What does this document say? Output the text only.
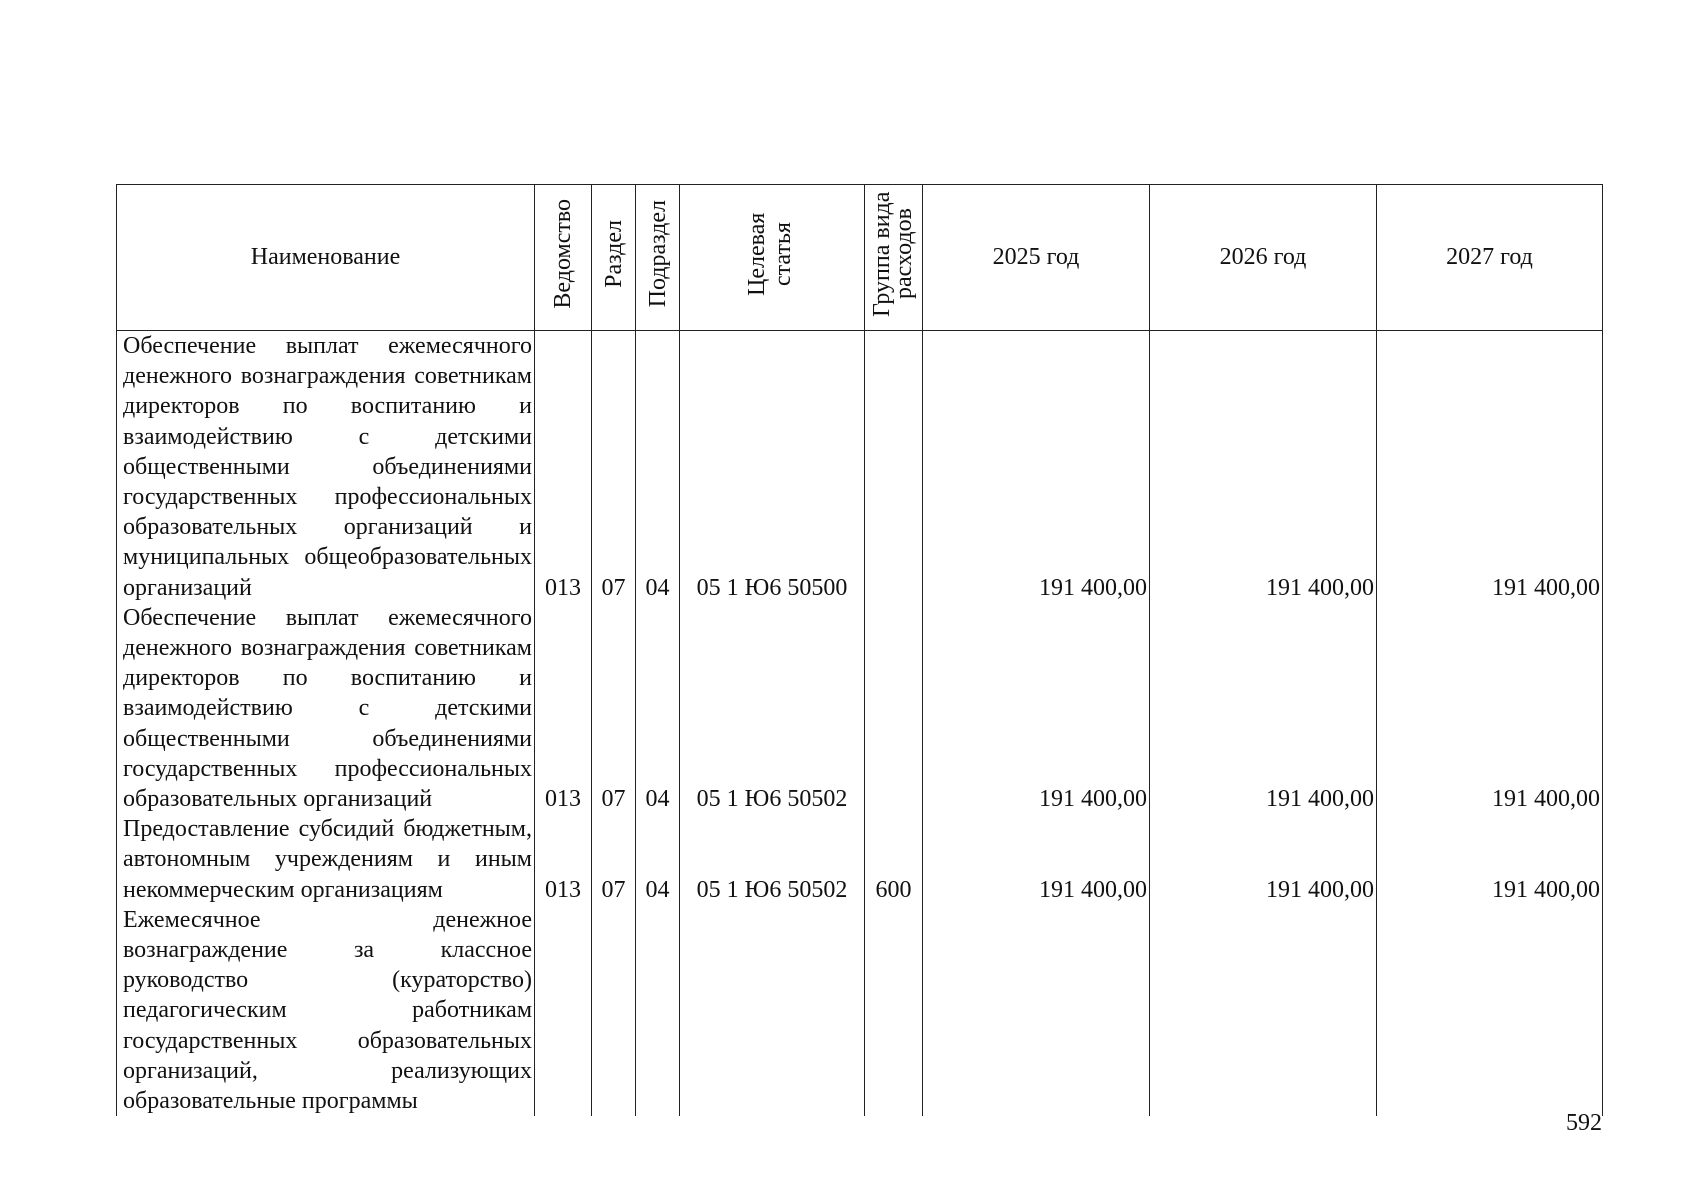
Наименование	Ведомство	Раздел	Подраздел	Целевая статья	Группа вида расходов	2025 год	2026 год	2027 год
Обеспечение выплат ежемесячного денежного вознаграждения советникам директоров по воспитанию и взаимодействию с детскими общественными объединениями государственных профессиональных образовательных организаций и муниципальных общеобразовательных организаций	013	07	04	05 1 Ю6 50500		191 400,00	191 400,00	191 400,00
Обеспечение выплат ежемесячного денежного вознаграждения советникам директоров по воспитанию и взаимодействию с детскими общественными объединениями государственных профессиональных образовательных организаций	013	07	04	05 1 Ю6 50502		191 400,00	191 400,00	191 400,00
Предоставление субсидий бюджетным, автономным учреждениям и иным некоммерческим организациям	013	07	04	05 1 Ю6 50502	600	191 400,00	191 400,00	191 400,00
Ежемесячное денежное вознаграждение за классное руководство (кураторство) педагогическим работникам государственных образовательных организаций, реализующих образовательные программы								
592
